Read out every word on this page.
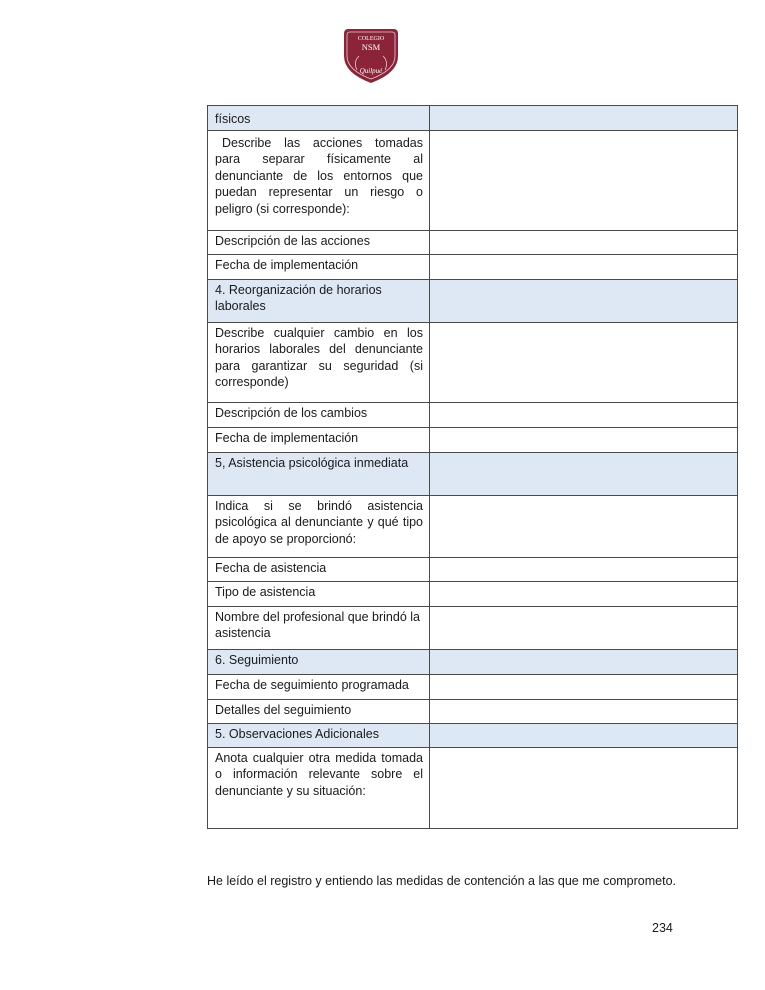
COLEGIO
NSM
Quilpué
físicos	
Describe las acciones tomadas para separar físicamente al denunciante de los entornos que puedan representar un riesgo o peligro (si corresponde):	
Descripción de las acciones	
Fecha de implementación	
4. Reorganización de horarios laborales	
Describe cualquier cambio en los horarios laborales del denunciante para garantizar su seguridad (si corresponde)	
Descripción de los cambios	
Fecha de implementación	
5, Asistencia psicológica inmediata	
Indica si se brindó asistencia psicológica al denunciante y qué tipo de apoyo se proporcionó:	
Fecha de asistencia	
Tipo de asistencia	
Nombre del profesional que brindó la asistencia	
6. Seguimiento	
Fecha de seguimiento programada	
Detalles del seguimiento	
5. Observaciones Adicionales	
Anota cualquier otra medida tomada o información relevante sobre el denunciante y su situación:	
He leído el registro y entiendo las medidas de contención a las que me comprometo.
234
